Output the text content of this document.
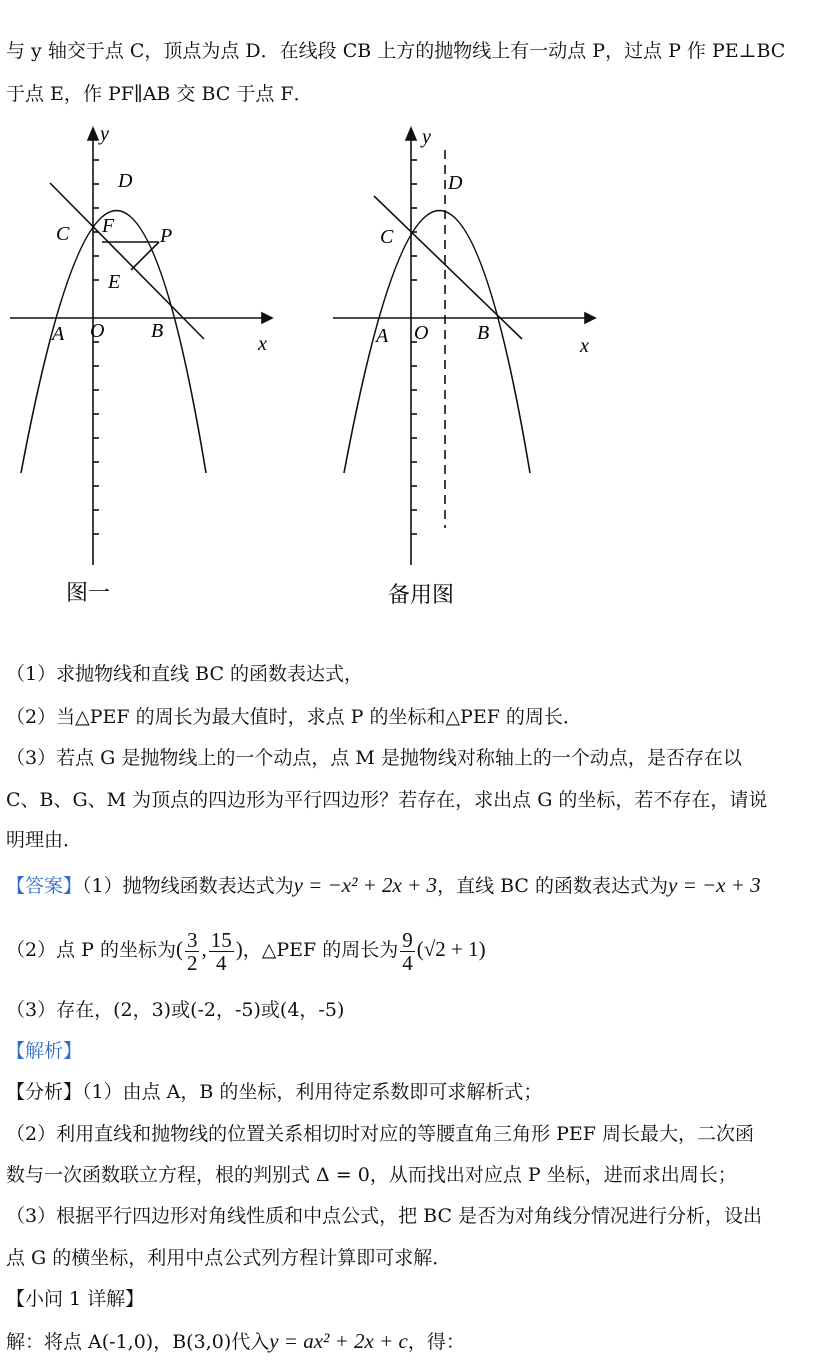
与 y 轴交于点 C，顶点为点 D．在线段 CB 上方的抛物线上有一动点 P，过点 P 作 PE⊥BC
于点 E，作 PF∥AB 交 BC 于点 F．
y
x
O
A	B
C
D
F P
E
图一
y
x
O
A	B
C
D
备用图
（1）求抛物线和直线 BC 的函数表达式，
（2）当△PEF 的周长为最大值时，求点 P 的坐标和△PEF 的周长．
（3）若点 G 是抛物线上的一个动点，点 M 是抛物线对称轴上的一个动点，是否存在以
C、B、G、M 为顶点的四边形为平行四边形？若存在，求出点 G 的坐标，若不存在，请说
明理由．
【答案】（1）抛物线函数表达式为y = −x² + 2x + 3，直线 BC 的函数表达式为y = −x + 3
（2）点 P 的坐标为( $\frac{3}{2}$ , $\frac{15}{4}$ )，△PEF 的周长为 $\frac{9}{4} (√2 + 1)$
（3）存在，(2，3)或(-2，-5)或(4，-5)
【解析】
【分析】（1）由点 A，B 的坐标，利用待定系数即可求解析式；
（2）利用直线和抛物线的位置关系相切时对应的等腰直角三角形 PEF 周长最大，二次函
数与一次函数联立方程，根的判别式 Δ = 0，从而找出对应点 P 坐标，进而求出周长；
（3）根据平行四边形对角线性质和中点公式，把 BC 是否为对角线分情况进行分析，设出
点 G 的横坐标，利用中点公式列方程计算即可求解．
【小问 1 详解】
解：将点 A(-1,0)，B(3,0)代入y = ax² + 2x + c，得：
